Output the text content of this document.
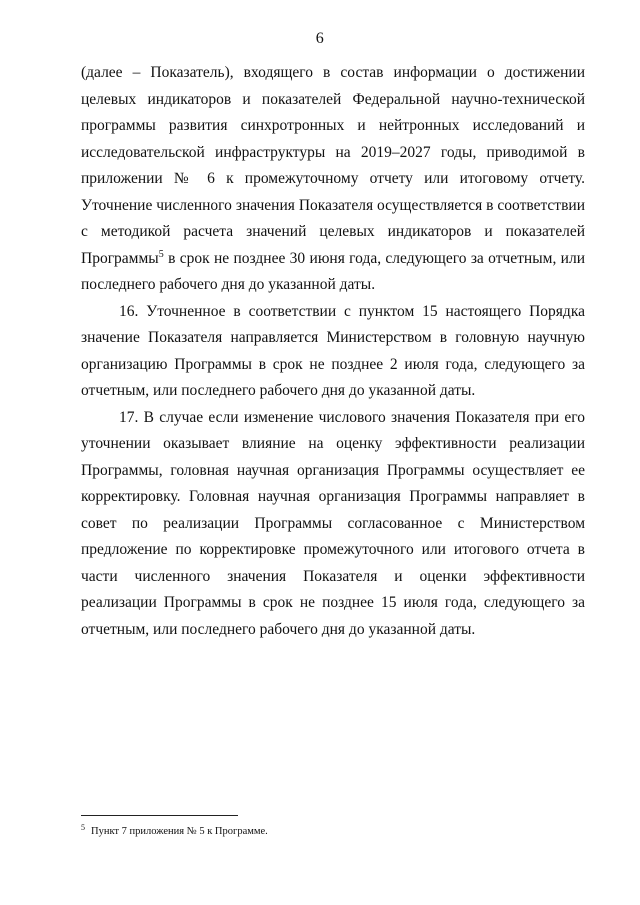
6

(далее – Показатель), входящего в состав информации о достижении целевых индикаторов и показателей Федеральной научно-технической программы развития синхротронных и нейтронных исследований и исследовательской инфраструктуры на 2019–2027 годы, приводимой в приложении № 6 к промежуточному отчету или итоговому отчету. Уточнение численного значения Показателя осуществляется в соответствии с методикой расчета значений целевых индикаторов и показателей Программы$^5$ в срок не позднее 30 июня года, следующего за отчетным, или последнего рабочего дня до указанной даты.

16. Уточненное в соответствии с пунктом 15 настоящего Порядка значение Показателя направляется Министерством в головную научную организацию Программы в срок не позднее 2 июля года, следующего за отчетным, или последнего рабочего дня до указанной даты.

17. В случае если изменение числового значения Показателя при его уточнении оказывает влияние на оценку эффективности реализации Программы, головная научная организация Программы осуществляет ее корректировку. Головная научная организация Программы направляет в совет по реализации Программы согласованное с Министерством предложение по корректировке промежуточного или итогового отчета в части численного значения Показателя и оценки эффективности реализации Программы в срок не позднее 15 июля года, следующего за отчетным, или последнего рабочего дня до указанной даты.

$^5$ Пункт 7 приложения № 5 к Программе.
